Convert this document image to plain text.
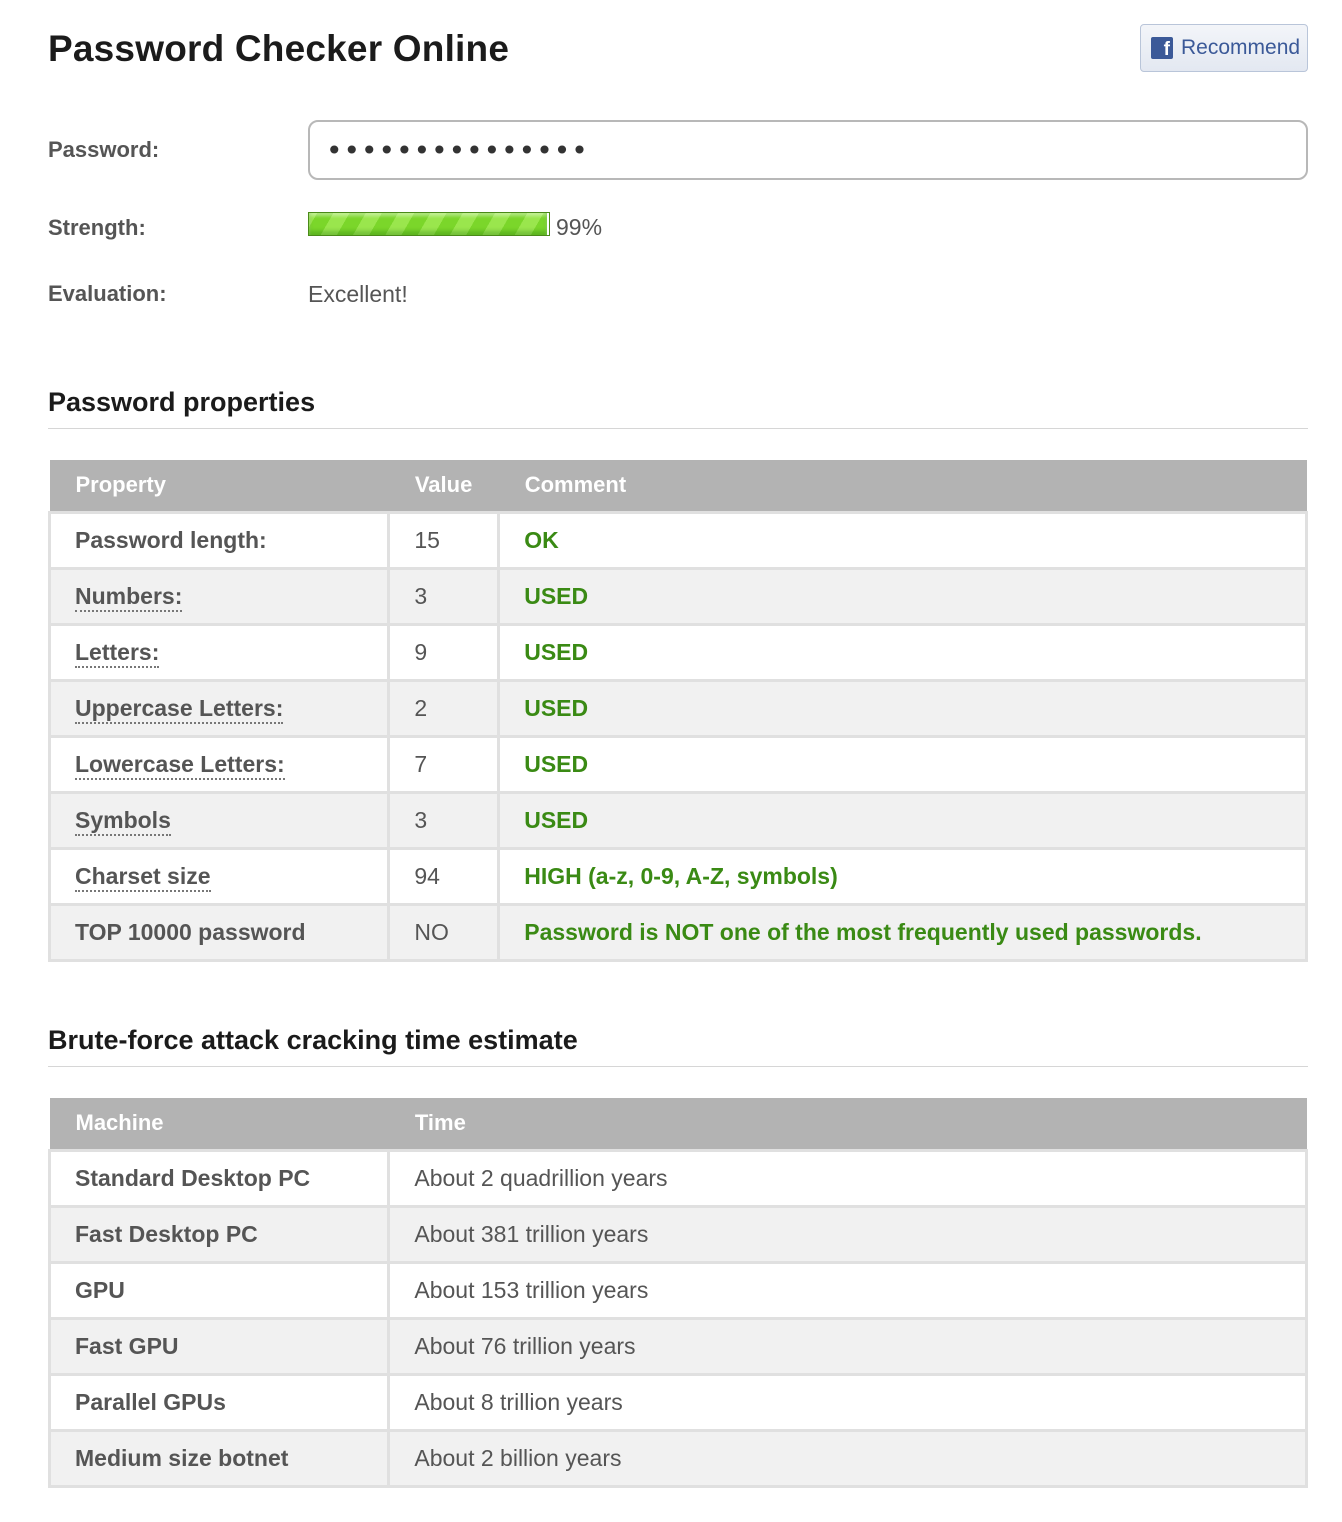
Password Checker Online	f Recommend
Password:
•••••••••••••••
Strength:	99%
Evaluation:	Excellent!
Password properties
Property	Value	Comment
Password length:	15	OK
Numbers:	3	USED
Letters:	9	USED
Uppercase Letters:	2	USED
Lowercase Letters:	7	USED
Symbols	3	USED
Charset size	94	HIGH (a-z, 0-9, A-Z, symbols)
TOP 10000 password	NO	Password is NOT one of the most frequently used passwords.
Brute-force attack cracking time estimate
Machine	Time
Standard Desktop PC	About 2 quadrillion years
Fast Desktop PC	About 381 trillion years
GPU	About 153 trillion years
Fast GPU	About 76 trillion years
Parallel GPUs	About 8 trillion years
Medium size botnet	About 2 billion years
